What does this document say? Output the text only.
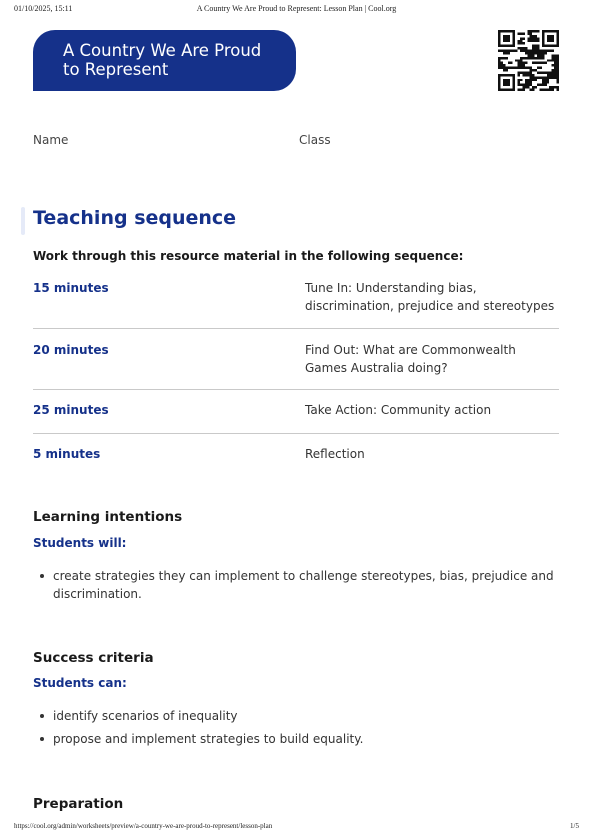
01/10/2025, 15:11	A Country We Are Proud to Represent: Lesson Plan | Cool.org
A Country We Are Proud
to Represent
Name	Class
Teaching sequence

Work through this resource material in the following sequence:

15 minutes	Tune In: Understanding bias,
discrimination, prejudice and stereotypes
20 minutes	Find Out: What are Commonwealth
Games Australia doing?
25 minutes	Take Action: Community action
5 minutes	Reflection
Learning intentions

Students will:

create strategies they can implement to challenge stereotypes, bias, prejudice and
discrimination.
Success criteria

Students can:

identify scenarios of inequality
propose and implement strategies to build equality.
Preparation
https://cool.org/admin/worksheets/preview/a-country-we-are-proud-to-represent/lesson-plan	1/5
